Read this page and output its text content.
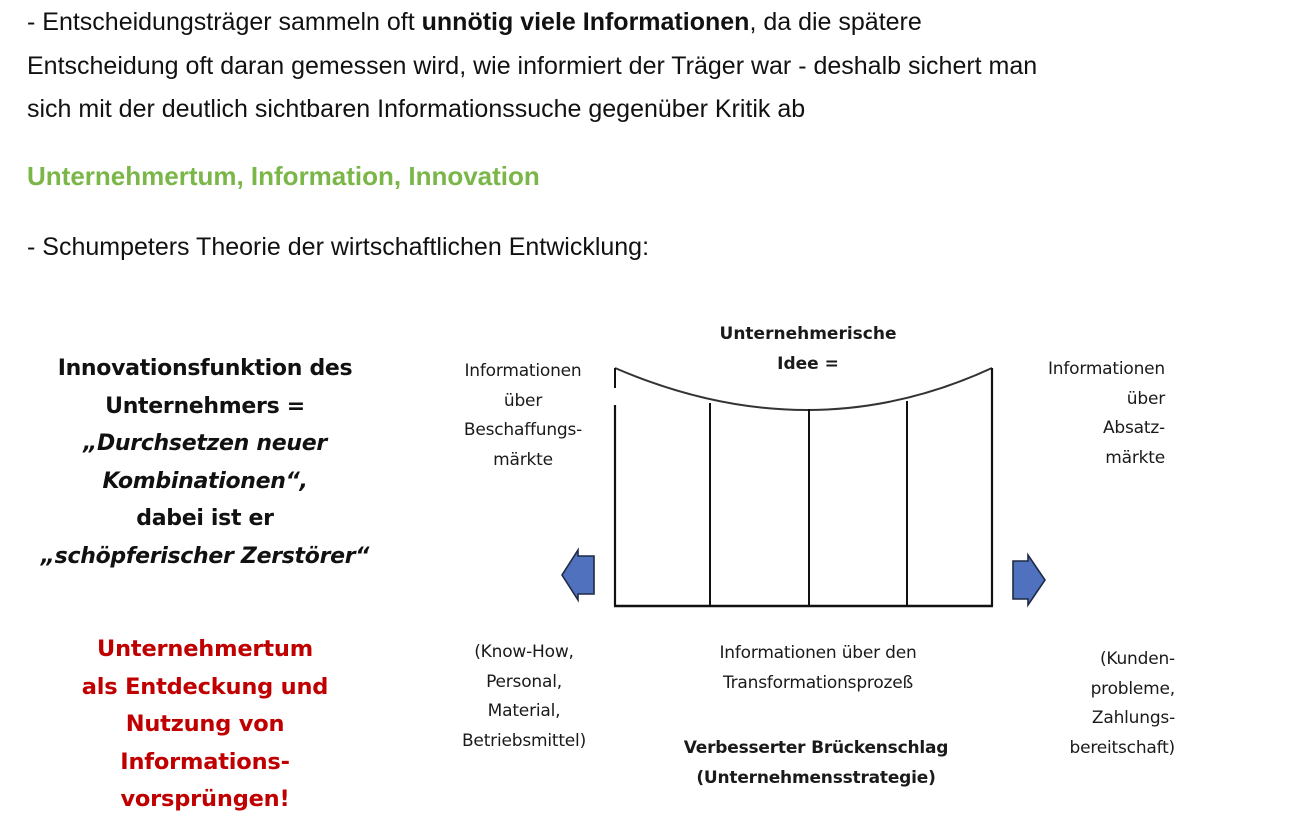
- Entscheidungsträger sammeln oft unnötig viele Informationen, da die spätere
Entscheidung oft daran gemessen wird, wie informiert der Träger war - deshalb sichert man
sich mit der deutlich sichtbaren Informationssuche gegenüber Kritik ab
Unternehmertum, Information, Innovation
- Schumpeters Theorie der wirtschaftlichen Entwicklung:
Innovationsfunktion des
Unternehmers =
„Durchsetzen neuer
Kombinationen“,
dabei ist er
„schöpferischer Zerstörer“
Unternehmertum
als Entdeckung und
Nutzung von
Informations-
vorsprüngen!
Unternehmerische
Idee =
Informationen
über
Beschaffungs-
märkte
Informationen
über
Absatz-
märkte
(Know-How,
Personal,
Material,
Betriebsmittel)
Informationen über den
Transformationsprozeß
Verbesserter Brückenschlag
(Unternehmensstrategie)
(Kunden-
probleme,
Zahlungs-
bereitschaft)
